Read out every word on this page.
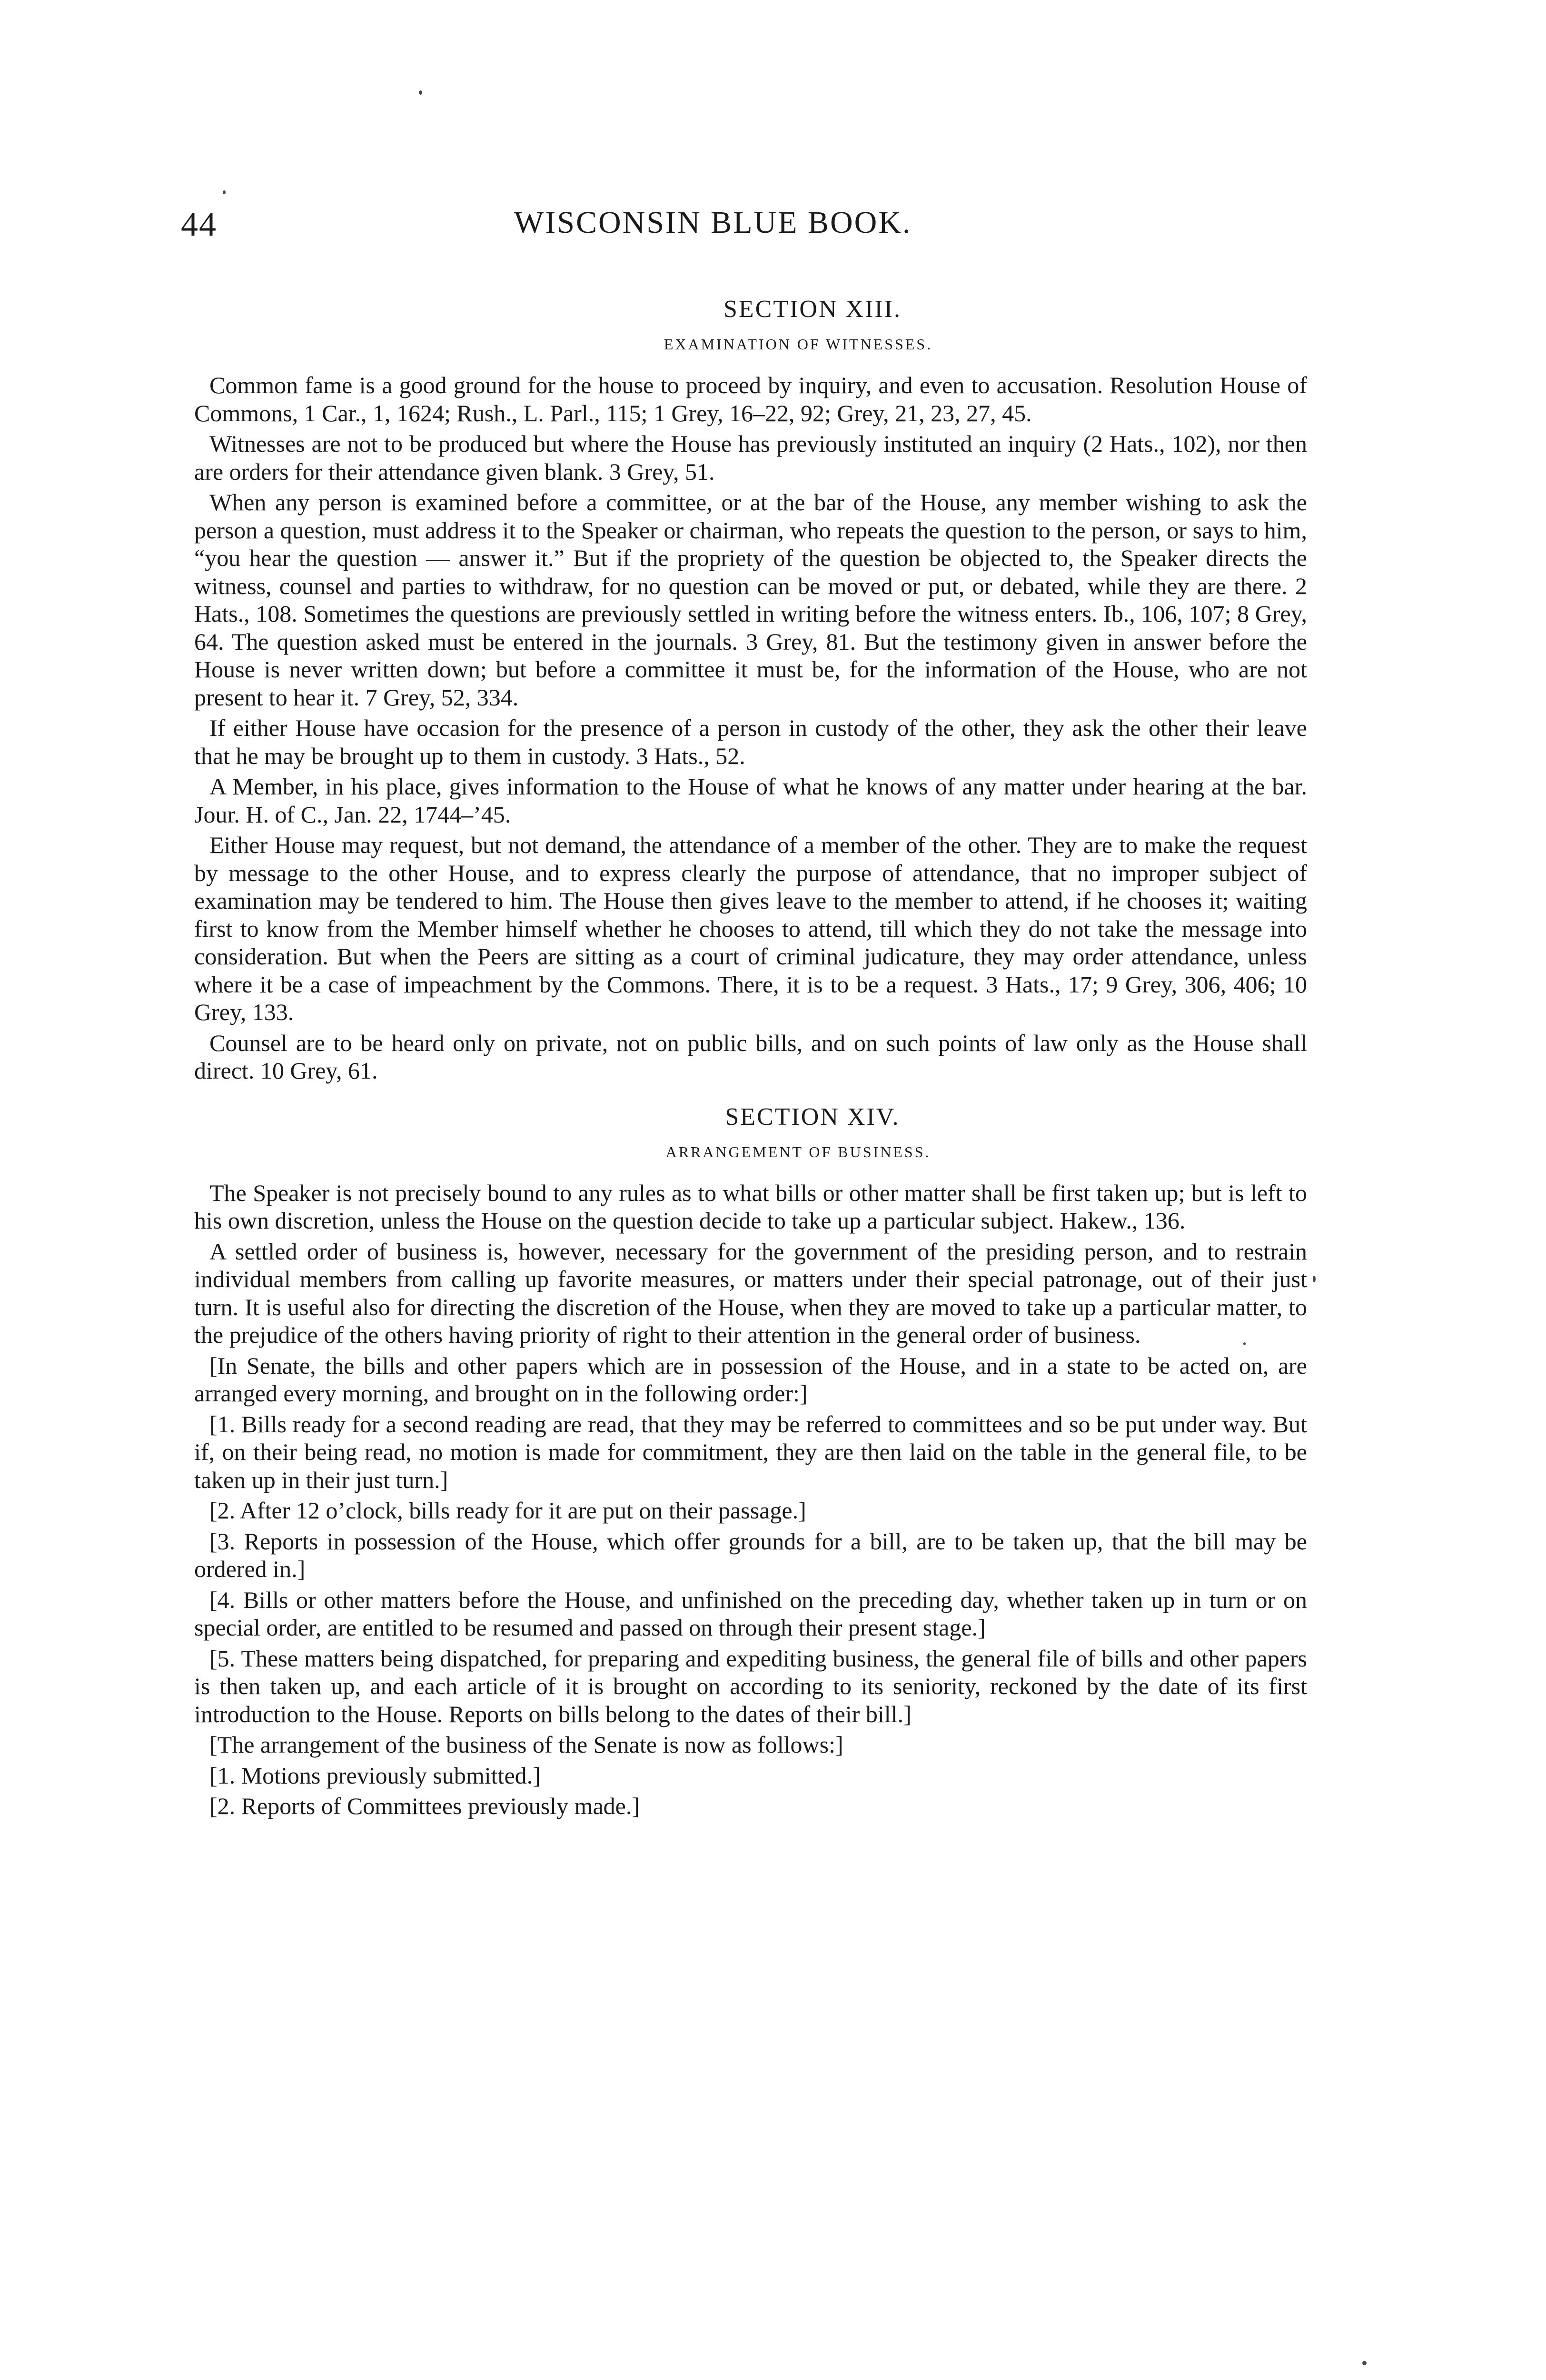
44	WISCONSIN BLUE BOOK.
SECTION XIII.
EXAMINATION OF WITNESSES.

Common fame is a good ground for the house to proceed by inquiry, and even to accusation. Resolution House of Commons, 1 Car., 1, 1624; Rush., L. Parl., 115; 1 Grey, 16–22, 92; Grey, 21, 23, 27, 45.

Witnesses are not to be produced but where the House has previously instituted an inquiry (2 Hats., 102), nor then are orders for their attendance given blank. 3 Grey, 51.

When any person is examined before a committee, or at the bar of the House, any member wishing to ask the person a question, must address it to the Speaker or chairman, who repeats the question to the person, or says to him, “you hear the question — answer it.” But if the propriety of the question be objected to, the Speaker directs the witness, counsel and parties to withdraw, for no question can be moved or put, or debated, while they are there. 2 Hats., 108. Sometimes the questions are previously settled in writing before the witness enters. Ib., 106, 107; 8 Grey, 64. The question asked must be entered in the journals. 3 Grey, 81. But the testimony given in answer before the House is never written down; but before a committee it must be, for the information of the House, who are not present to hear it. 7 Grey, 52, 334.

If either House have occasion for the presence of a person in custody of the other, they ask the other their leave that he may be brought up to them in custody. 3 Hats., 52.

A Member, in his place, gives information to the House of what he knows of any matter under hearing at the bar. Jour. H. of C., Jan. 22, 1744–’45.

Either House may request, but not demand, the attendance of a member of the other. They are to make the request by message to the other House, and to express clearly the purpose of attendance, that no improper subject of examination may be tendered to him. The House then gives leave to the member to attend, if he chooses it; waiting first to know from the Member himself whether he chooses to attend, till which they do not take the message into consideration. But when the Peers are sitting as a court of criminal judicature, they may order attendance, unless where it be a case of impeachment by the Commons. There, it is to be a request. 3 Hats., 17; 9 Grey, 306, 406; 10 Grey, 133.

Counsel are to be heard only on private, not on public bills, and on such points of law only as the House shall direct. 10 Grey, 61.

SECTION XIV.
ARRANGEMENT OF BUSINESS.

The Speaker is not precisely bound to any rules as to what bills or other matter shall be first taken up; but is left to his own discretion, unless the House on the question decide to take up a particular subject. Hakew., 136.

A settled order of business is, however, necessary for the government of the presiding person, and to restrain individual members from calling up favorite measures, or matters under their special patronage, out of their just turn. It is useful also for directing the discretion of the House, when they are moved to take up a particular matter, to the prejudice of the others having priority of right to their attention in the general order of business.

[In Senate, the bills and other papers which are in possession of the House, and in a state to be acted on, are arranged every morning, and brought on in the following order:]

[1. Bills ready for a second reading are read, that they may be referred to committees and so be put under way. But if, on their being read, no motion is made for commitment, they are then laid on the table in the general file, to be taken up in their just turn.]

[2. After 12 o’clock, bills ready for it are put on their passage.]

[3. Reports in possession of the House, which offer grounds for a bill, are to be taken up, that the bill may be ordered in.]

[4. Bills or other matters before the House, and unfinished on the preceding day, whether taken up in turn or on special order, are entitled to be resumed and passed on through their present stage.]

[5. These matters being dispatched, for preparing and expediting business, the general file of bills and other papers is then taken up, and each article of it is brought on according to its seniority, reckoned by the date of its first introduction to the House. Reports on bills belong to the dates of their bill.]

[The arrangement of the business of the Senate is now as follows:]

[1. Motions previously submitted.]

[2. Reports of Committees previously made.]
